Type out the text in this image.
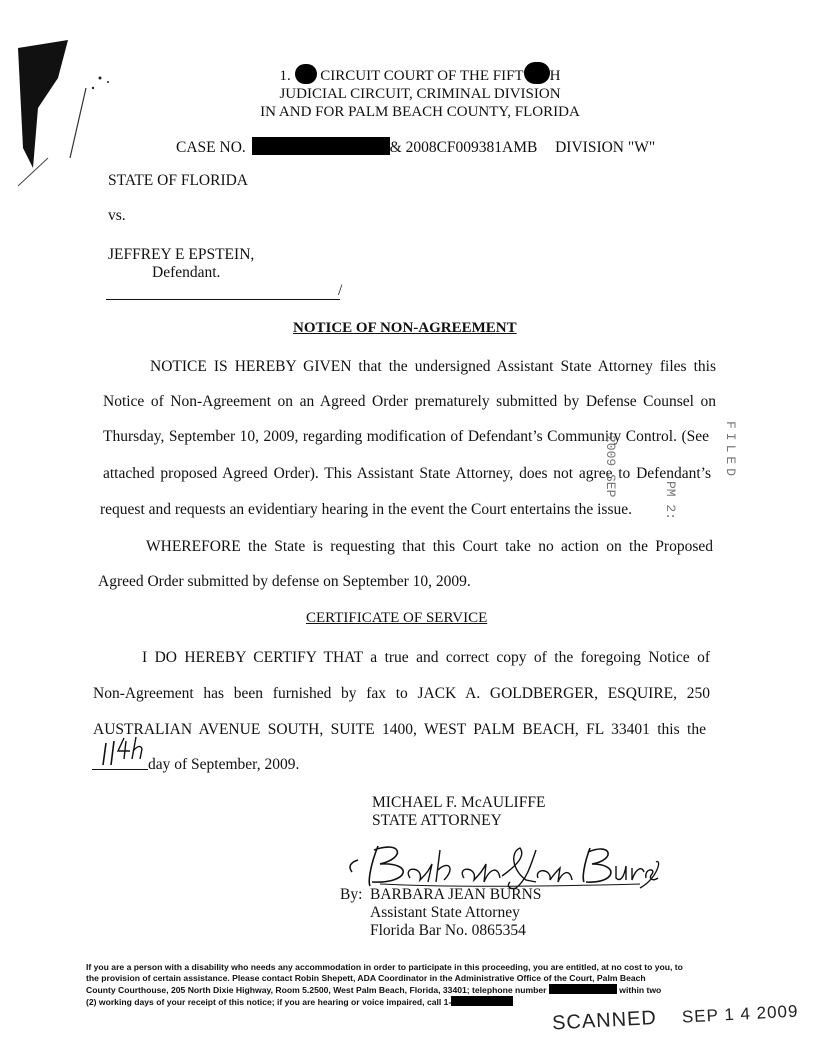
1. CIRCUIT COURT OF THE FIFT H
JUDICIAL CIRCUIT, CRIMINAL DIVISION
IN AND FOR PALM BEACH COUNTY, FLORIDA
CASE NO.	& 2008CF009381AMB DIVISION "W"
STATE OF FLORIDA
vs.
JEFFREY E EPSTEIN,
Defendant.
/
NOTICE OF NON-AGREEMENT
NOTICE IS HEREBY GIVEN that the undersigned Assistant State Attorney files this
Notice of Non-Agreement on an Agreed Order prematurely submitted by Defense Counsel on
Thursday, September 10, 2009, regarding modification of Defendant’s Community Control. (See
attached proposed Agreed Order). This Assistant State Attorney, does not agree to Defendant’s
request and requests an evidentiary hearing in the event the Court entertains the issue.
WHEREFORE the State is requesting that this Court take no action on the Proposed
Agreed Order submitted by defense on September 10, 2009.
2009 SEP
PM 2:
FILED
CERTIFICATE OF SERVICE
I DO HEREBY CERTIFY THAT a true and correct copy of the foregoing Notice of
Non-Agreement has been furnished by fax to JACK A. GOLDBERGER, ESQUIRE, 250
AUSTRALIAN AVENUE SOUTH, SUITE 1400, WEST PALM BEACH, FL 33401 this the
day of September, 2009.
MICHAEL F. McAULIFFE
STATE ATTORNEY
By: BARBARA JEAN BURNS
Assistant State Attorney
Florida Bar No. 0865354
If you are a person with a disability who needs any accommodation in order to participate in this proceeding, you are entitled, at no cost to you, to
the provision of certain assistance. Please contact Robin Shepett, ADA Coordinator in the Administrative Office of the Court, Palm Beach
County Courthouse, 205 North Dixie Highway, Room 5.2500, West Palm Beach, Florida, 33401; telephone number	within two
(2) working days of your receipt of this notice; if you are hearing or voice impaired, call 1-
SCANNED SEP 1 4 2009
